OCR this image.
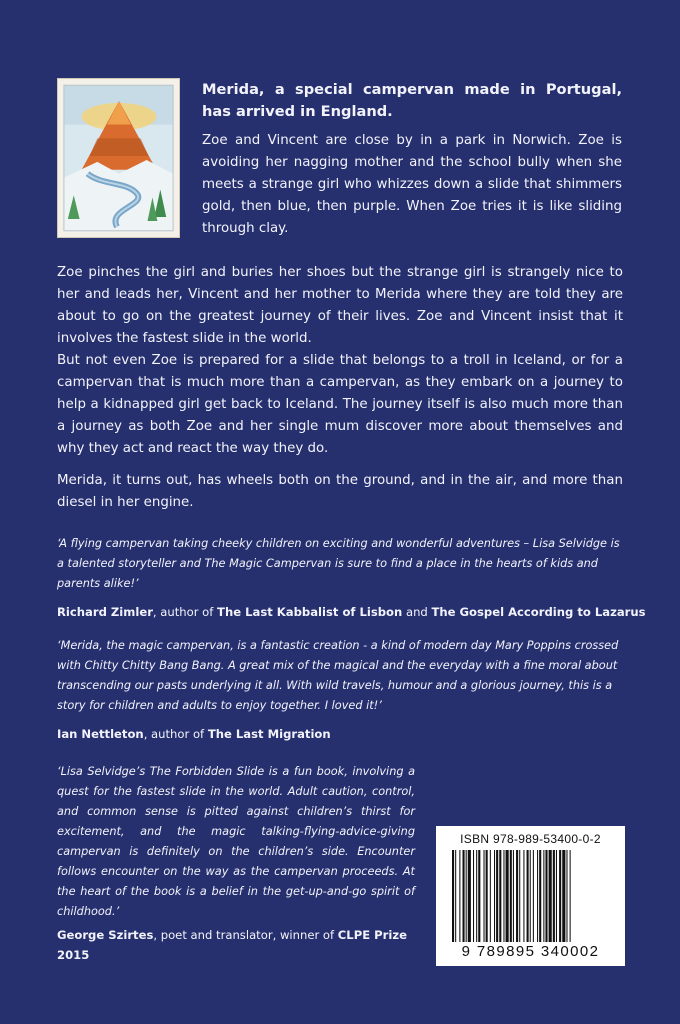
Merida, a special campervan made in Portugal, has arrived in England.

Zoe and Vincent are close by in a park in Norwich. Zoe is avoiding her nagging mother and the school bully when she meets a strange girl who whizzes down a slide that shimmers gold, then blue, then purple. When Zoe tries it is like sliding through clay.

Zoe pinches the girl and buries her shoes but the strange girl is strangely nice to her and leads her, Vincent and her mother to Merida where they are told they are about to go on the greatest journey of their lives. Zoe and Vincent insist that it involves the fastest slide in the world.

But not even Zoe is prepared for a slide that belongs to a troll in Iceland, or for a campervan that is much more than a campervan, as they embark on a journey to help a kidnapped girl get back to Iceland. The journey itself is also much more than a journey as both Zoe and her single mum discover more about themselves and why they act and react the way they do.

Merida, it turns out, has wheels both on the ground, and in the air, and more than diesel in her engine.

‘A flying campervan taking cheeky children on exciting and wonderful adventures – Lisa Selvidge is a talented storyteller and The Magic Campervan is sure to find a place in the hearts of kids and parents alike!’

Richard Zimler, author of The Last Kabbalist of Lisbon and The Gospel According to Lazarus

‘Merida, the magic campervan, is a fantastic creation - a kind of modern day Mary Poppins crossed with Chitty Chitty Bang Bang. A great mix of the magical and the everyday with a fine moral about transcending our pasts underlying it all. With wild travels, humour and a glorious journey, this is a story for children and adults to enjoy together. I loved it!’

Ian Nettleton, author of The Last Migration

‘Lisa Selvidge’s The Forbidden Slide is a fun book, involving a quest for the fastest slide in the world. Adult caution, control, and common sense is pitted against children’s thirst for excitement, and the magic talking-flying-advice-giving campervan is definitely on the children’s side. Encounter follows encounter on the way as the campervan proceeds. At the heart of the book is a belief in the get-up-and-go spirit of childhood.’

George Szirtes, poet and translator, winner of CLPE Prize 2015

ISBN 978-989-53400-0-2
9 789895 340002
